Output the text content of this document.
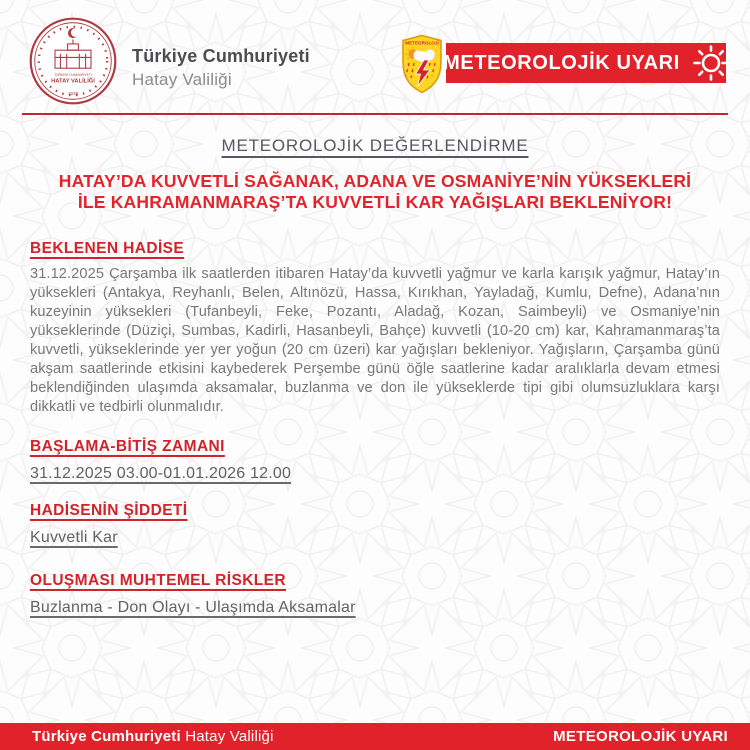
TÜRKİYE CUMHURİYETİ
HATAY VALİLİĞİ
1939
Türkiye Cumhuriyeti
Hatay Valiliği
METEOROLOJİ
METEOROLOJİK UYARI
METEOROLOJİK DEĞERLENDİRME
HATAY’DA KUVVETLİ SAĞANAK, ADANA VE OSMANİYE’NİN YÜKSEKLERİ
İLE KAHRAMANMARAŞ’TA KUVVETLİ KAR YAĞIŞLARI BEKLENİYOR!
BEKLENEN HADİSE

31.12.2025 Çarşamba ilk saatlerden itibaren Hatay’da kuvvetli yağmur ve karla karışık yağmur, Hatay’ın yüksekleri (Antakya, Reyhanlı, Belen, Altınözü, Hassa, Kırıkhan, Yayladağ, Kumlu, Defne), Adana’nın kuzeyinin yüksekleri (Tufanbeyli, Feke, Pozantı, Aladağ, Kozan, Saimbeyli) ve Osmaniye’nin yükseklerinde (Düziçi, Sumbas, Kadirli, Hasanbeyli, Bahçe) kuvvetli (10-20 cm) kar, Kahramanmaraş’ta kuvvetli, yükseklerinde yer yer yoğun (20 cm üzeri) kar yağışları bekleniyor. Yağışların, Çarşamba günü akşam saatlerinde etkisini kaybederek Perşembe günü öğle saatlerine kadar aralıklarla devam etmesi beklendiğinden ulaşımda aksamalar, buzlanma ve don ile yükseklerde tipi gibi olumsuzluklara karşı dikkatli ve tedbirli olunmalıdır.

BAŞLAMA-BİTİŞ ZAMANI
31.12.2025 03.00-01.01.2026 12.00
HADİSENİN ŞİDDETİ
Kuvvetli Kar
OLUŞMASI MUHTEMEL RİSKLER
Buzlanma - Don Olayı - Ulaşımda Aksamalar
Türkiye Cumhuriyeti Hatay Valiliği	METEOROLOJİK UYARI
